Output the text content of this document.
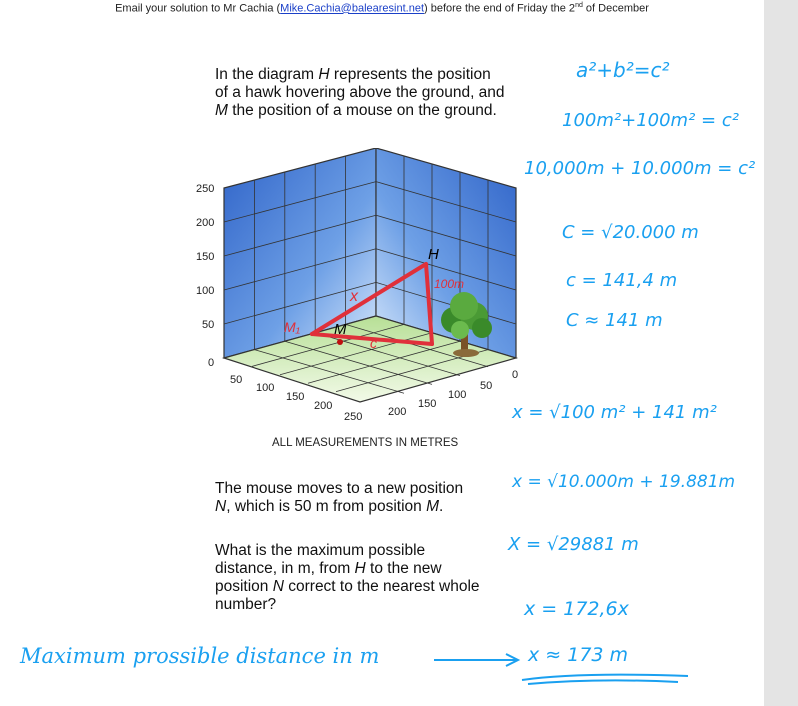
Email your solution to Mr Cachia (Mike.Cachia@balearesint.net) before the end of Friday the 2nd of December
In the diagram H represents the position
of a hawk hovering above the ground, and
M the position of a mouse on the ground.
H
M
M₁
x
c
100m
250
200
150
100
50
0
50
100
150
200
250 200
150
100
50
0
ALL MEASUREMENTS IN METRES
The mouse moves to a new position
N, which is 50 m from position M.
What is the maximum possible
distance, in m, from H to the new
position N correct to the nearest whole
number?
a²+b²=c²
100m²+100m² = c²
10,000m + 10.000m = c²
C = √20.000 m
c = 141,4 m
C ≈ 141 m
x = √100 m² + 141 m²
x = √10.000m + 19.881m
X = √29881 m
x = 172,6x
x ≈ 173 m
Maximum prossible distance in m
